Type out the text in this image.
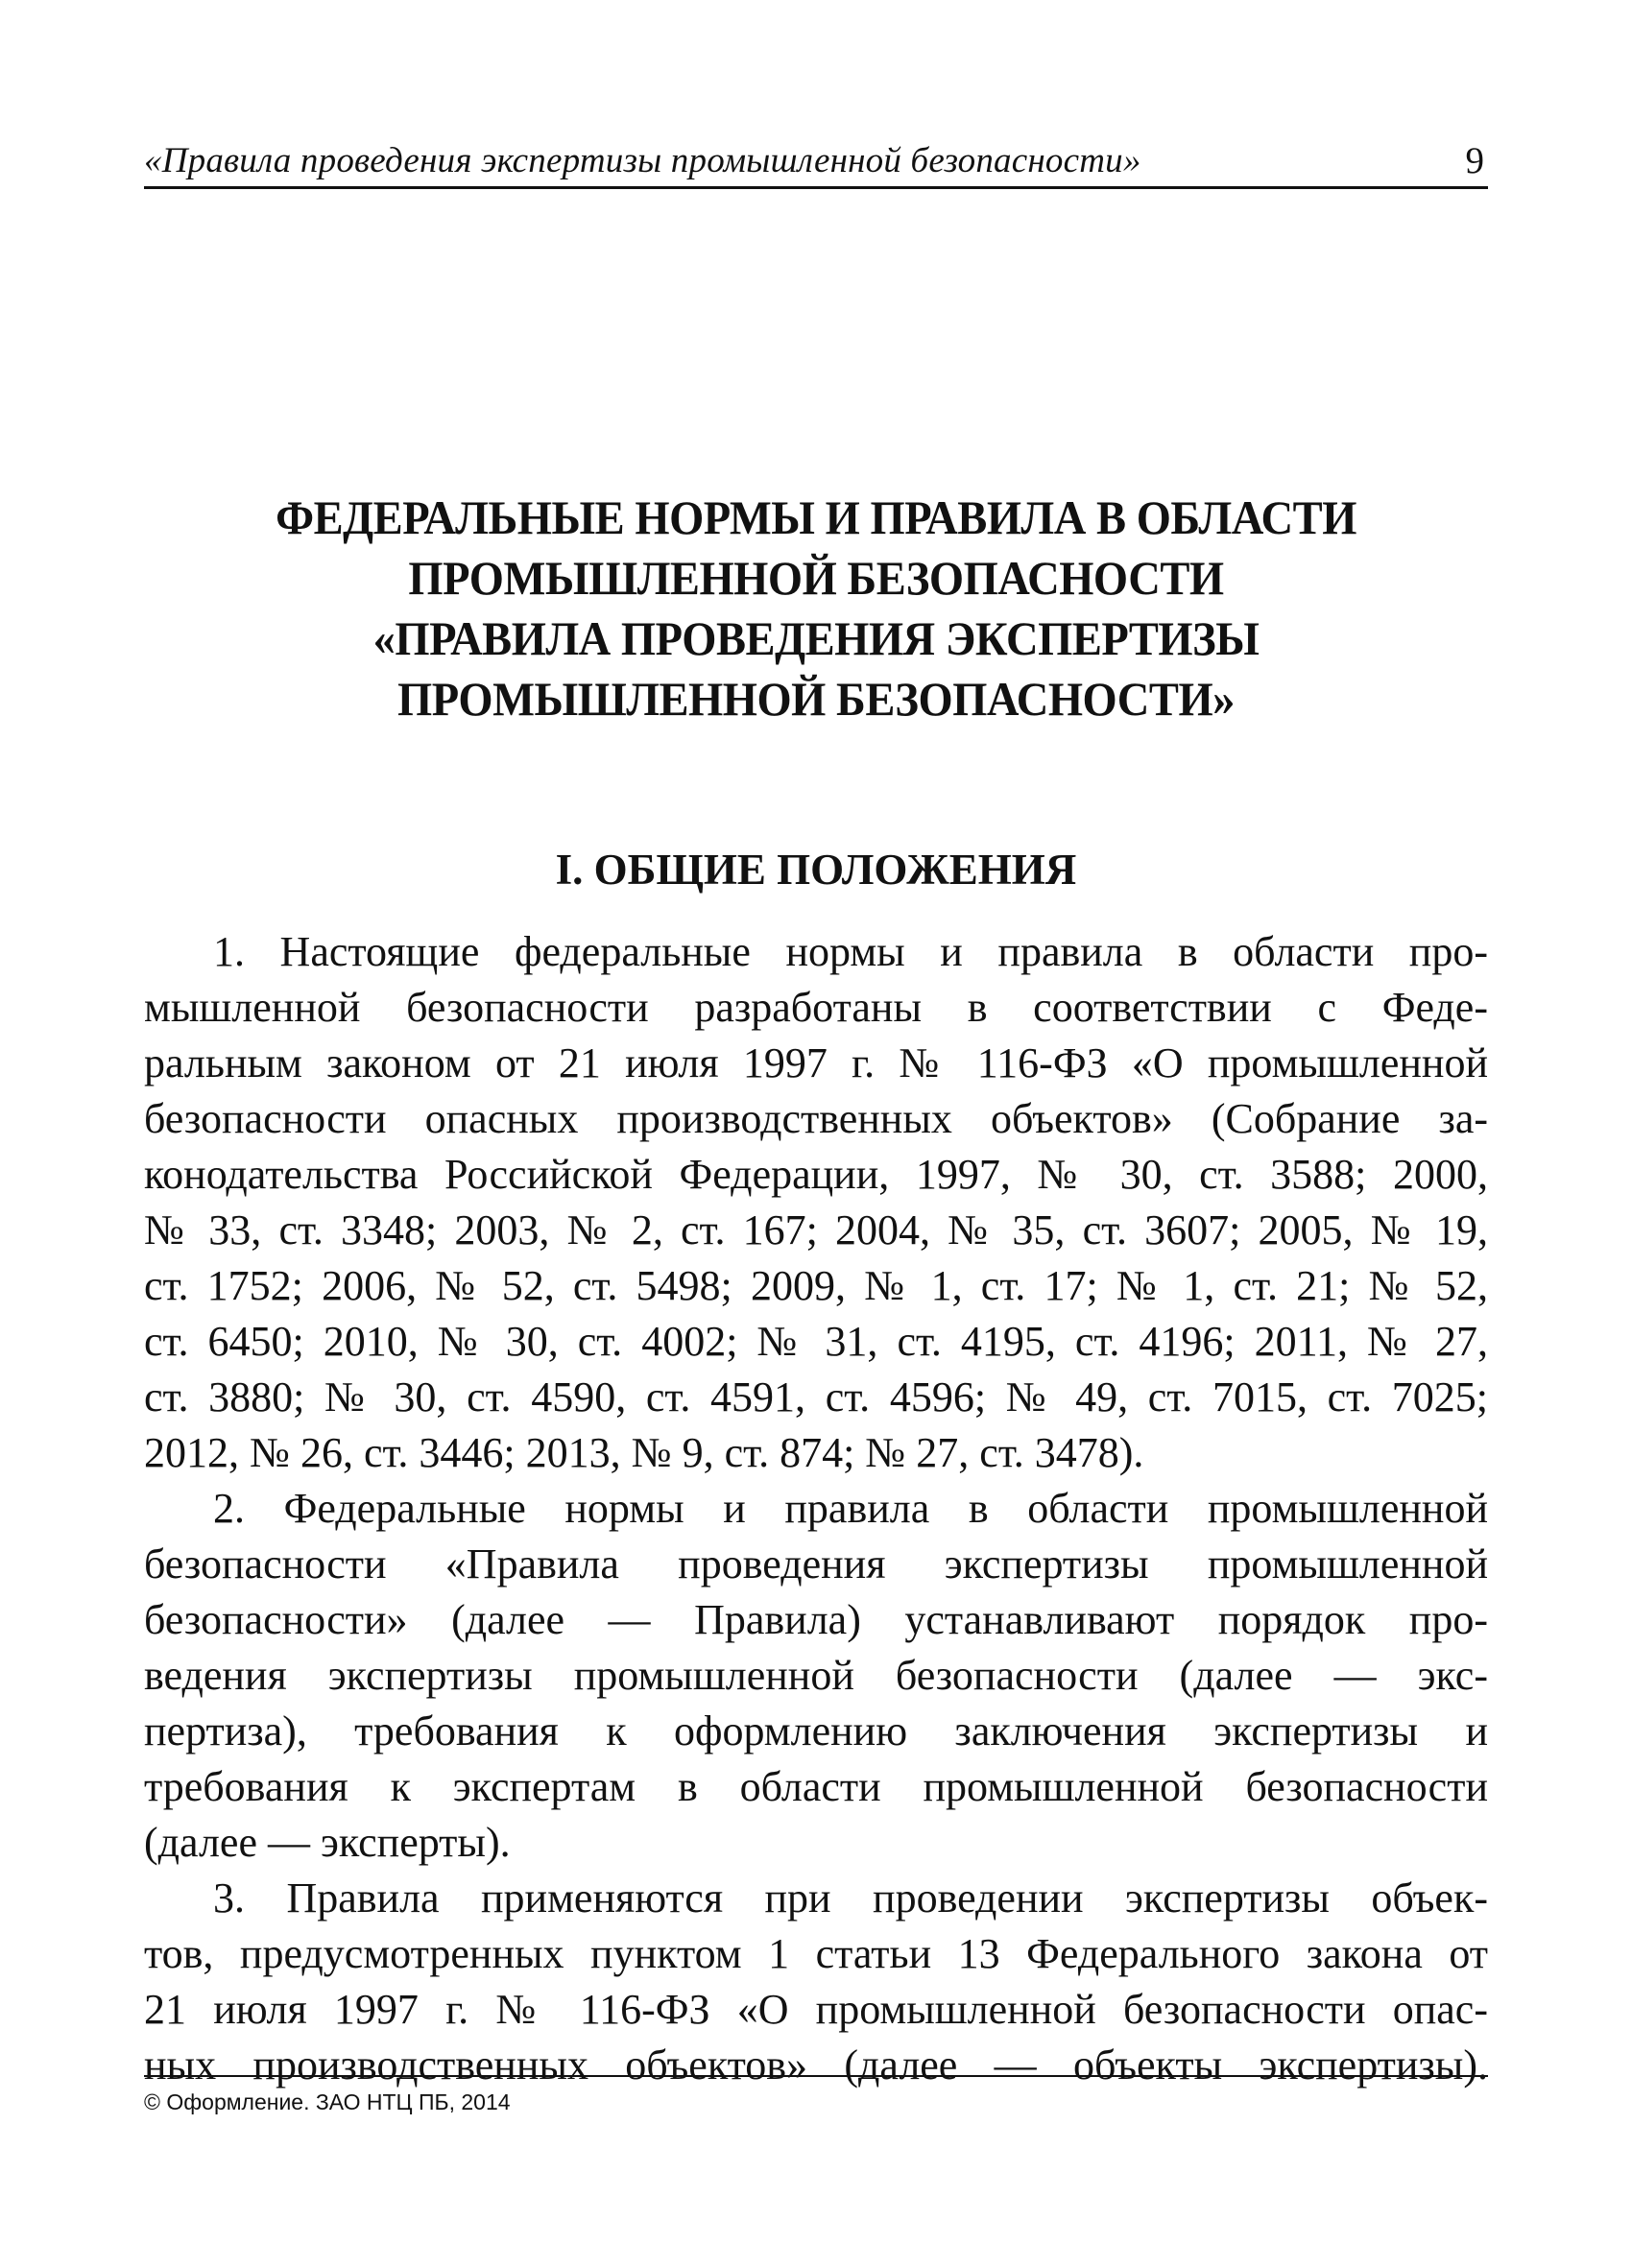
«Правила проведения экспертизы промышленной безопасности»	9
ФЕДЕРАЛЬНЫЕ НОРМЫ И ПРАВИЛА В ОБЛАСТИ
ПРОМЫШЛЕННОЙ БЕЗОПАСНОСТИ
«ПРАВИЛА ПРОВЕДЕНИЯ ЭКСПЕРТИЗЫ
ПРОМЫШЛЕННОЙ БЕЗОПАСНОСТИ»
I. ОБЩИЕ ПОЛОЖЕНИЯ

1. Настоящие федеральные нормы и правила в области про-
мышленной безопасности разработаны в соответствии с Феде-
ральным законом от 21 июля 1997 г. № 116-ФЗ «О промышленной
безопасности опасных производственных объектов» (Собрание за-
конодательства Российской Федерации, 1997, № 30, ст. 3588; 2000,
№ 33, ст. 3348; 2003, № 2, ст. 167; 2004, № 35, ст. 3607; 2005, № 19,
ст. 1752; 2006, № 52, ст. 5498; 2009, № 1, ст. 17; № 1, ст. 21; № 52,
ст. 6450; 2010, № 30, ст. 4002; № 31, ст. 4195, ст. 4196; 2011, № 27,
ст. 3880; № 30, ст. 4590, ст. 4591, ст. 4596; № 49, ст. 7015, ст. 7025;
2012, № 26, ст. 3446; 2013, № 9, ст. 874; № 27, ст. 3478).

2. Федеральные нормы и правила в области промышленной
безопасности «Правила проведения экспертизы промышленной
безопасности» (далее — Правила) устанавливают порядок про-
ведения экспертизы промышленной безопасности (далее — экс-
пертиза), требования к оформлению заключения экспертизы и
требования к экспертам в области промышленной безопасности
(далее — эксперты).

3. Правила применяются при проведении экспертизы объек-
тов, предусмотренных пунктом 1 статьи 13 Федерального закона от
21 июля 1997 г. № 116-ФЗ «О промышленной безопасности опас-
ных производственных объектов» (далее — объекты экспертизы).

© Оформление. ЗАО НТЦ ПБ, 2014
